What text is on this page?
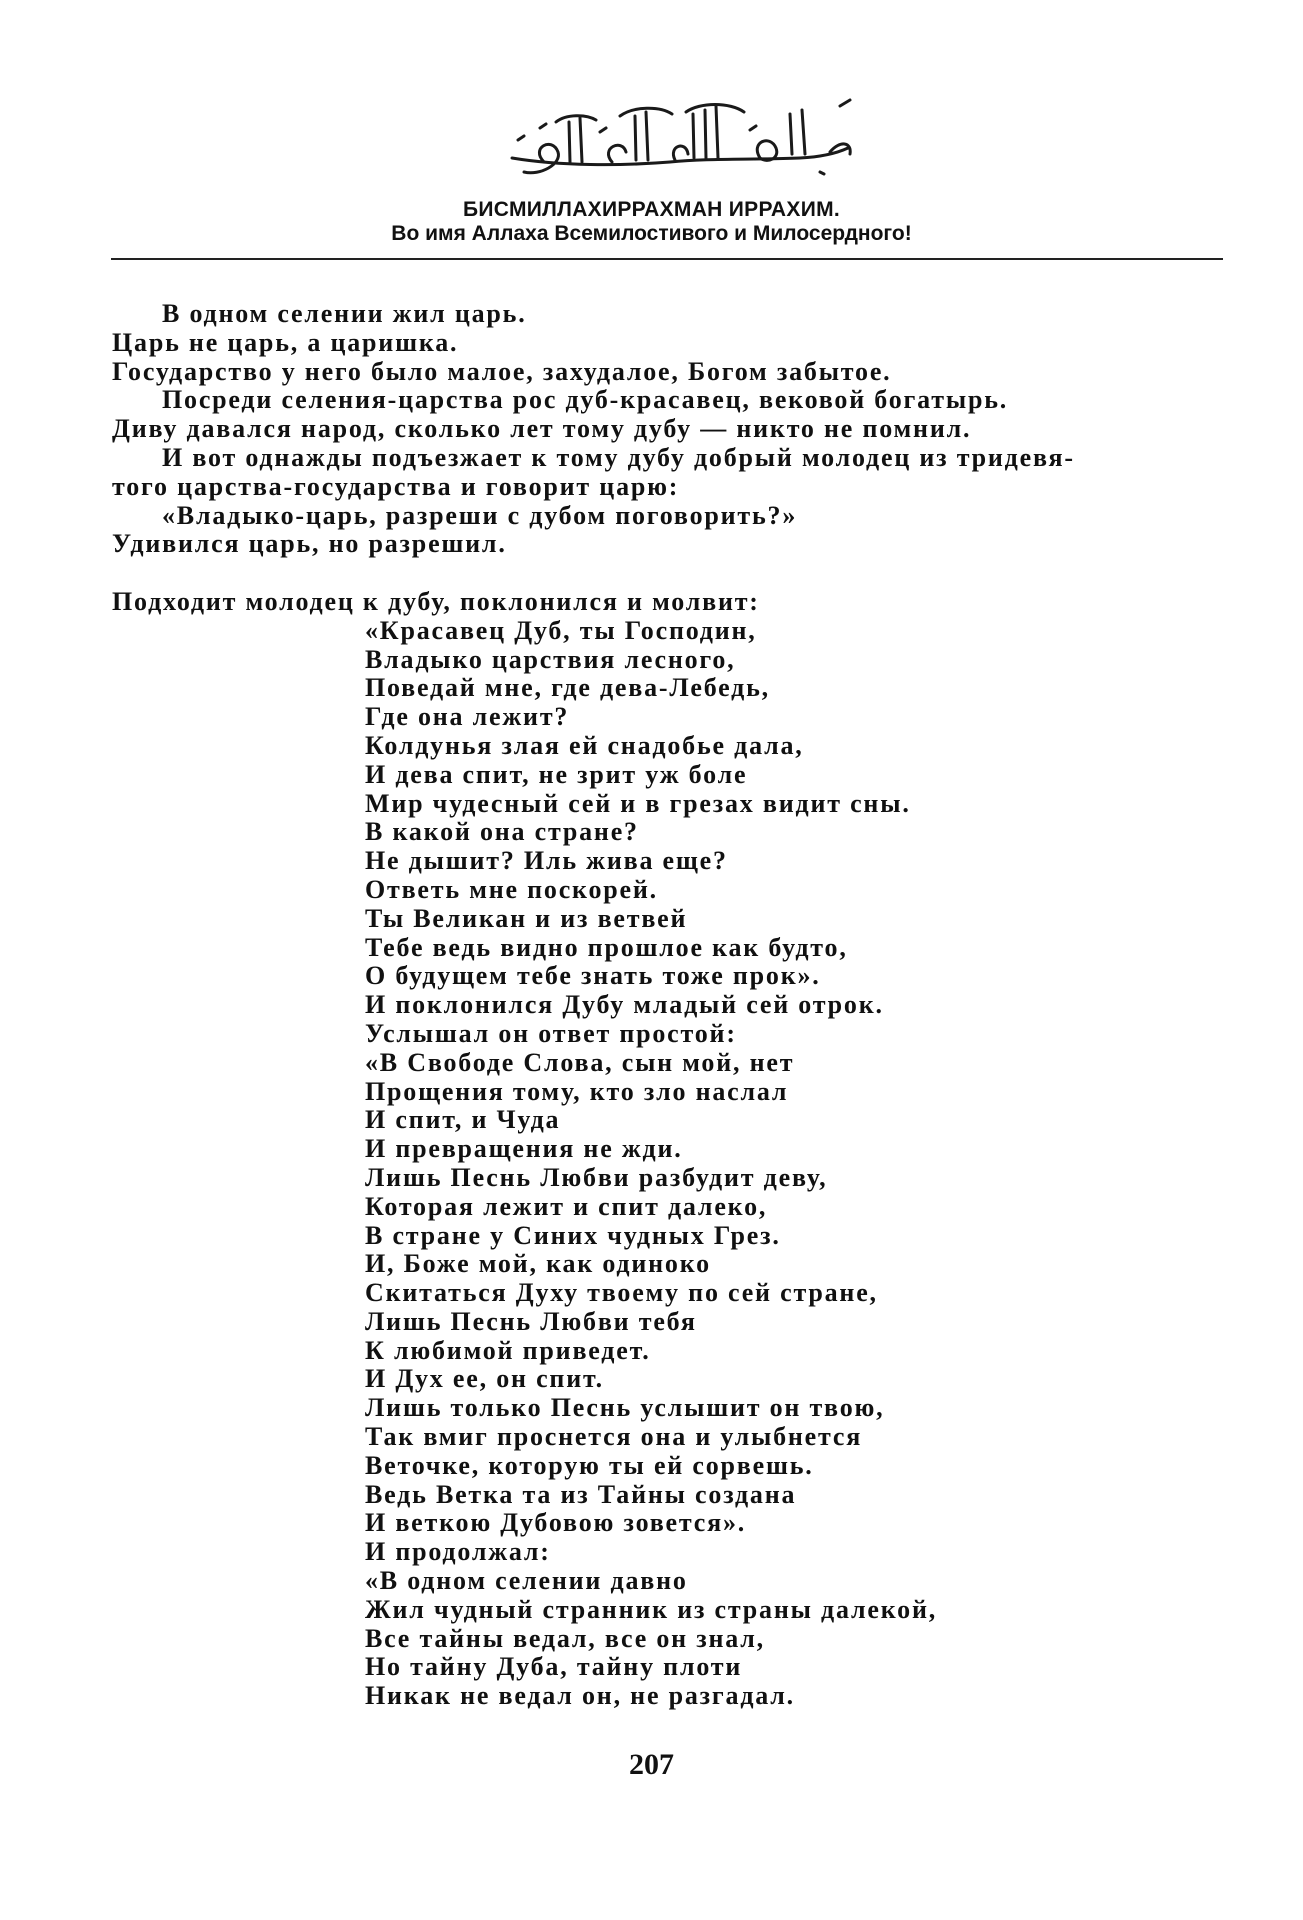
БИСМИЛЛАХИРРАХМАН ИРРАХИМ.
Во имя Аллаха Всемилостивого и Милосердного!
В одном селении жил царь.
Царь не царь, а царишка.
Государство у него было малое, захудалое, Богом забытое.
Посреди селения-царства рос дуб-красавец, вековой богатырь.
Диву давался народ, сколько лет тому дубу — никто не помнил.
И вот однажды подъезжает к тому дубу добрый молодец из тридевя-
того царства-государства и говорит царю:
«Владыко-царь, разреши с дубом поговорить?»
Удивился царь, но разрешил.
Подходит молодец к дубу, поклонился и молвит:
«Красавец Дуб, ты Господин,
Владыко царствия лесного,
Поведай мне, где дева-Лебедь,
Где она лежит?
Колдунья злая ей снадобье дала,
И дева спит, не зрит уж боле
Мир чудесный сей и в грезах видит сны.
В какой она стране?
Не дышит? Иль жива еще?
Ответь мне поскорей.
Ты Великан и из ветвей
Тебе ведь видно прошлое как будто,
О будущем тебе знать тоже прок».
И поклонился Дубу младый сей отрок.
Услышал он ответ простой:
«В Свободе Слова, сын мой, нет
Прощения тому, кто зло наслал
И спит, и Чуда
И превращения не жди.
Лишь Песнь Любви разбудит деву,
Которая лежит и спит далеко,
В стране у Синих чудных Грез.
И, Боже мой, как одиноко
Скитаться Духу твоему по сей стране,
Лишь Песнь Любви тебя
К любимой приведет.
И Дух ее, он спит.
Лишь только Песнь услышит он твою,
Так вмиг проснется она и улыбнется
Веточке, которую ты ей сорвешь.
Ведь Ветка та из Тайны создана
И веткою Дубовою зовется».
И продолжал:
«В одном селении давно
Жил чудный странник из страны далекой,
Все тайны ведал, все он знал,
Но тайну Дуба, тайну плоти
Никак не ведал он, не разгадал.
207
